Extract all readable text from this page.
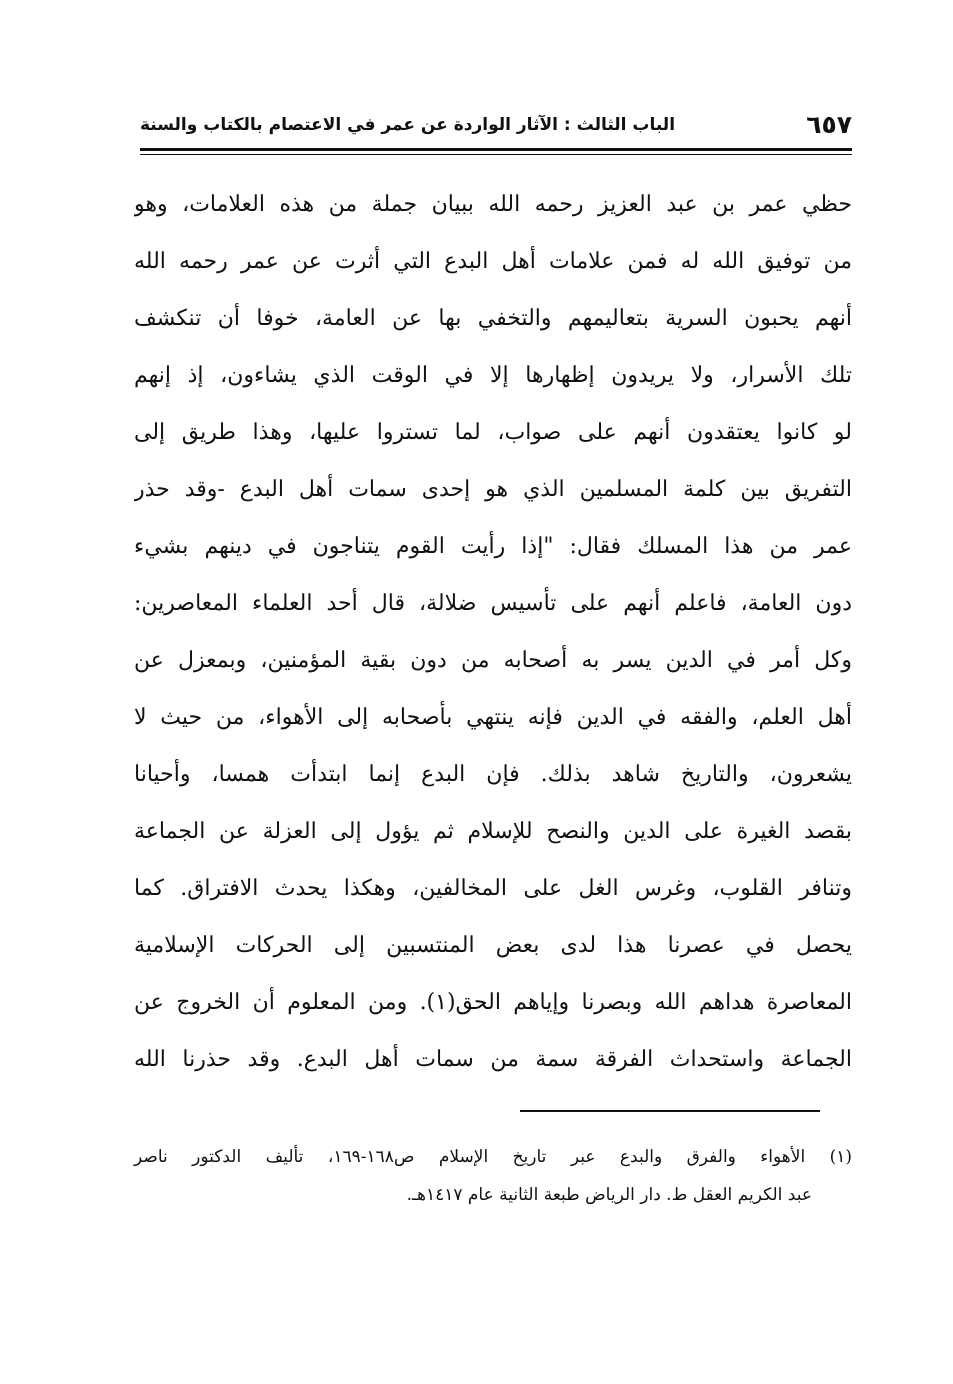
٦٥٧
الباب الثالث : الآثار الواردة عن عمر في الاعتصام بالكتاب والسنة
حظي عمر بن عبد العزيز رحمه الله ببيان جملة من هذه العلامات، وهو
من توفيق الله له فمن علامات أهل البدع التي أثرت عن عمر رحمه الله
أنهم يحبون السرية بتعاليمهم والتخفي بها عن العامة، خوفا أن تنكشف
تلك الأسرار، ولا يريدون إظهارها إلا في الوقت الذي يشاءون، إذ إنهم
لو كانوا يعتقدون أنهم على صواب، لما تستروا عليها، وهذا طريق إلى
التفريق بين كلمة المسلمين الذي هو إحدى سمات أهل البدع -وقد حذر
عمر من هذا المسلك فقال: "إذا رأيت القوم يتناجون في دينهم بشيء
دون العامة، فاعلم أنهم على تأسيس ضلالة، قال أحد العلماء المعاصرين:
وكل أمر في الدين يسر به أصحابه من دون بقية المؤمنين، وبمعزل عن
أهل العلم، والفقه في الدين فإنه ينتهي بأصحابه إلى الأهواء، من حيث لا
يشعرون، والتاريخ شاهد بذلك. فإن البدع إنما ابتدأت همسا، وأحيانا
بقصد الغيرة على الدين والنصح للإسلام ثم يؤول إلى العزلة عن الجماعة
وتنافر القلوب، وغرس الغل على المخالفين، وهكذا يحدث الافتراق. كما
يحصل في عصرنا هذا لدى بعض المنتسبين إلى الحركات الإسلامية
المعاصرة هداهم الله وبصرنا وإياهم الحق(١). ومن المعلوم أن الخروج عن
الجماعة واستحداث الفرقة سمة من سمات أهل البدع. وقد حذرنا الله
(١) الأهواء والفرق والبدع عبر تاريخ الإسلام ص١٦٨-١٦٩، تأليف الدكتور ناصر
عبد الكريم العقل ط. دار الرياض طبعة الثانية عام ١٤١٧هـ.
